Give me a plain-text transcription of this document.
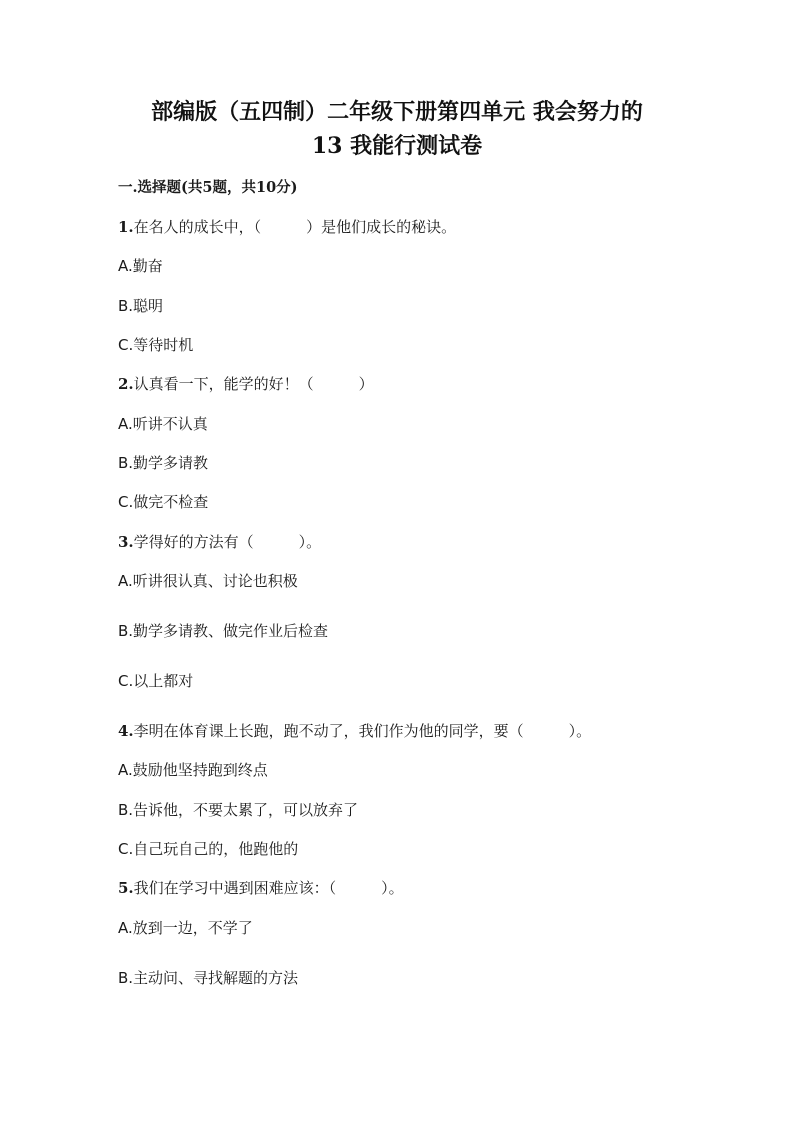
部编版（五四制）二年级下册第四单元 我会努力的
13 我能行测试卷
一.选择题(共5题，共10分)
1.在名人的成长中，（　　　）是他们成长的秘诀。
A.勤奋
B.聪明
C.等待时机
2.认真看一下，能学的好！（　　　）
A.听讲不认真
B.勤学多请教
C.做完不检查
3.学得好的方法有（　　　）。
A.听讲很认真、讨论也积极
B.勤学多请教、做完作业后检查
C.以上都对
4.李明在体育课上长跑，跑不动了，我们作为他的同学，要（　　　）。
A.鼓励他坚持跑到终点
B.告诉他，不要太累了，可以放弃了
C.自己玩自己的，他跑他的
5.我们在学习中遇到困难应该：（　　　）。
A.放到一边，不学了
B.主动问、寻找解题的方法
